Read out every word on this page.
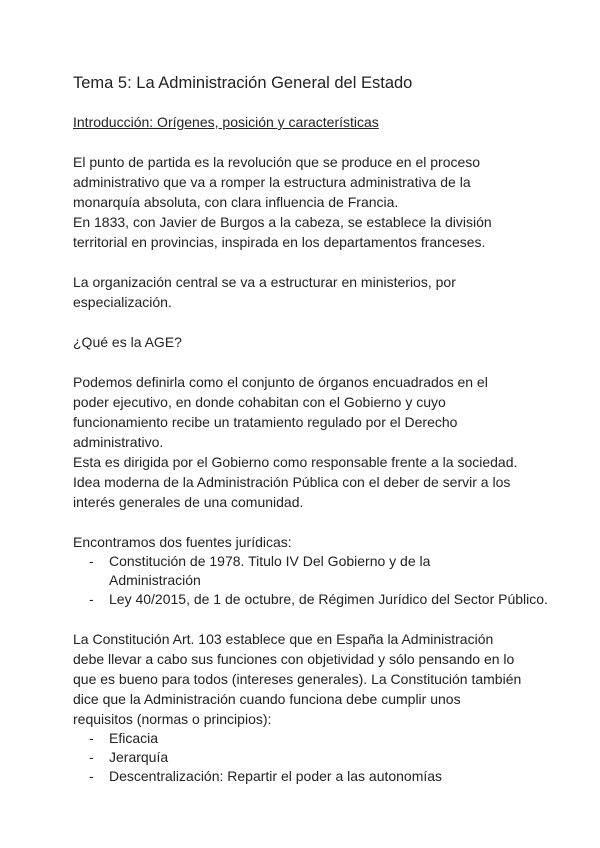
Tema 5: La Administración General del Estado
Introducción: Orígenes, posición y características

El punto de partida es la revolución que se produce en el proceso administrativo que va a romper la estructura administrativa de la monarquía absoluta, con clara influencia de Francia.

En 1833, con Javier de Burgos a la cabeza, se establece la división territorial en provincias, inspirada en los departamentos franceses.

La organización central se va a estructurar en ministerios, por especialización.

¿Qué es la AGE?

Podemos definirla como el conjunto de órganos encuadrados en el poder ejecutivo, en donde cohabitan con el Gobierno y cuyo funcionamiento recibe un tratamiento regulado por el Derecho administrativo.

Esta es dirigida por el Gobierno como responsable frente a la sociedad.

Idea moderna de la Administración Pública con el deber de servir a los interés generales de una comunidad.

Encontramos dos fuentes jurídicas:

- Constitución de 1978. Titulo IV Del Gobierno y de la Administración
- Ley 40/2015, de 1 de octubre, de Régimen Jurídico del Sector Público.

La Constitución Art. 103 establece que en España la Administración debe llevar a cabo sus funciones con objetividad y sólo pensando en lo que es bueno para todos (intereses generales). La Constitución también dice que la Administración cuando funciona debe cumplir unos requisitos (normas o principios):

- Eficacia
- Jerarquía
- Descentralización: Repartir el poder a las autonomías
